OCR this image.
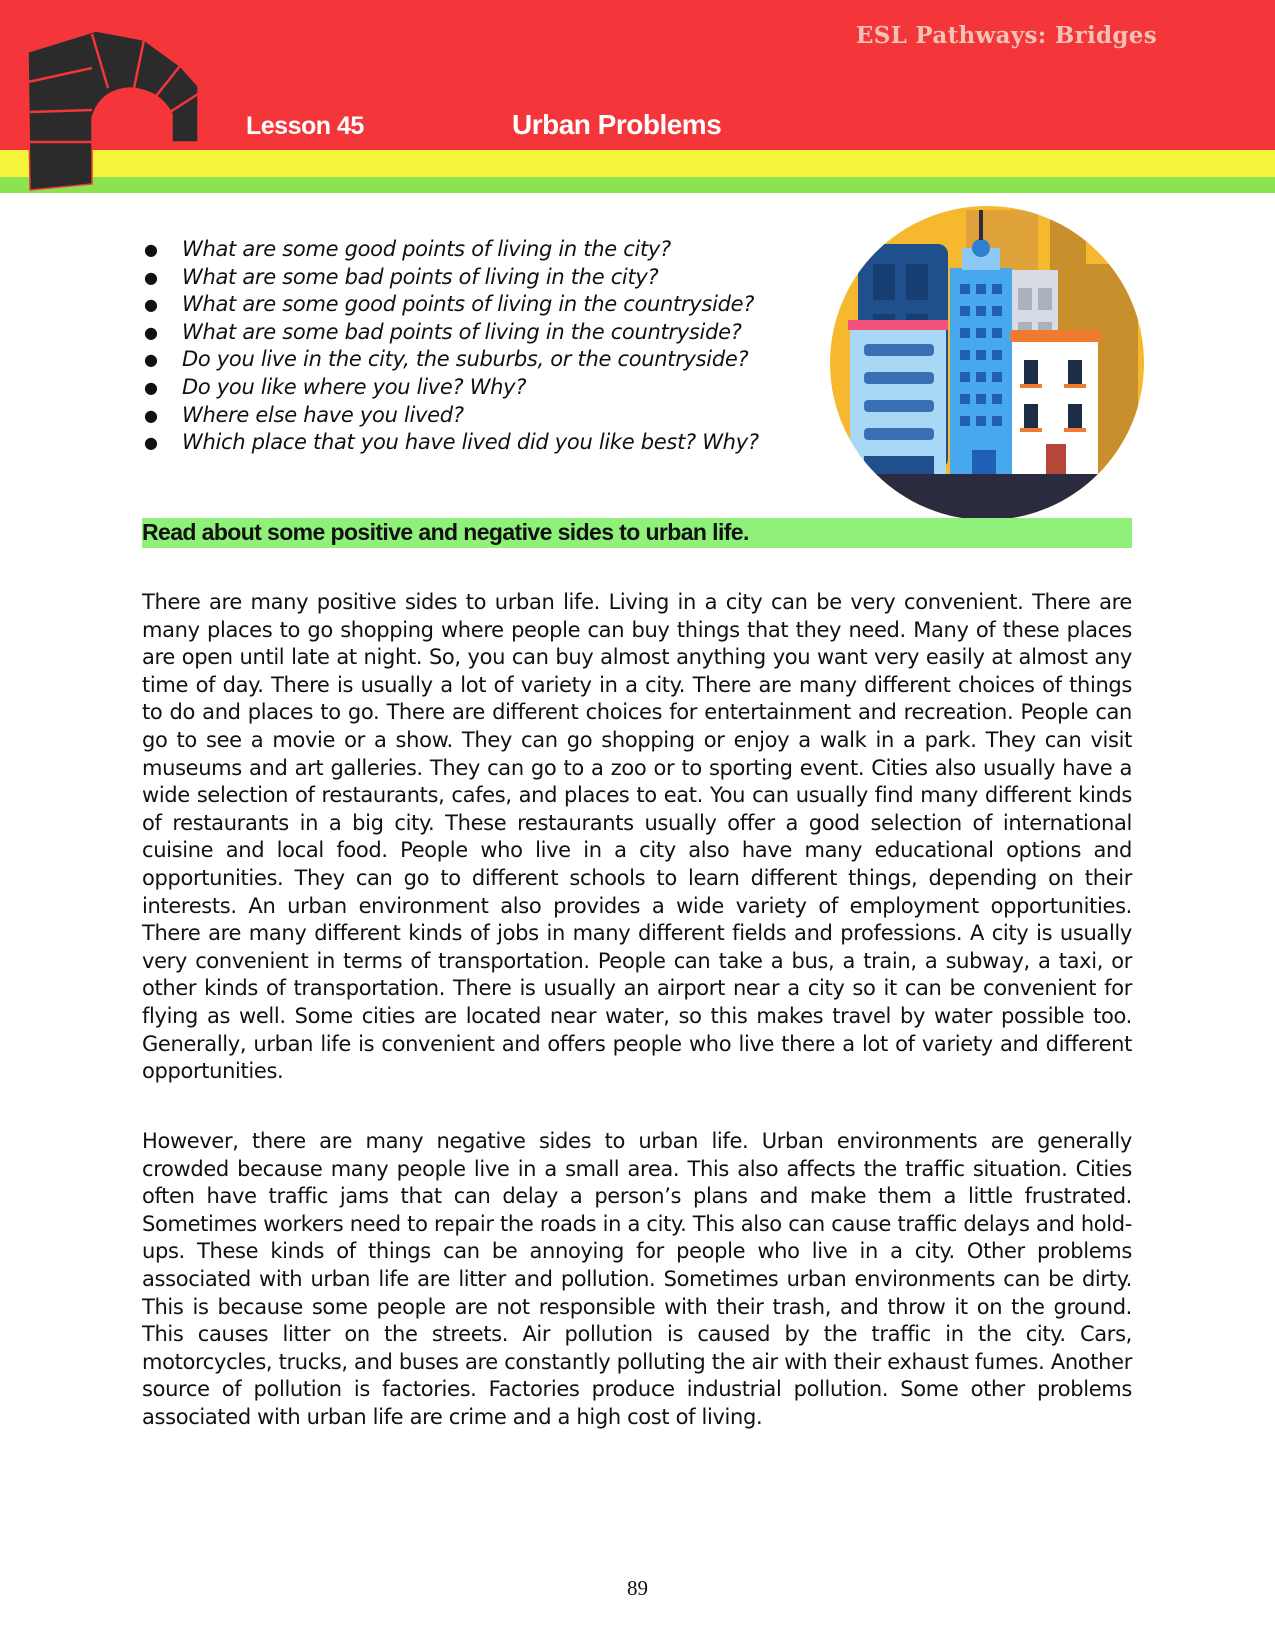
ESL Pathways: Bridges
Lesson 45	Urban Problems
● What are some good points of living in the city?
● What are some bad points of living in the city?
● What are some good points of living in the countryside?
● What are some bad points of living in the countryside?
● Do you live in the city, the suburbs, or the countryside?
● Do you like where you live? Why?
● Where else have you lived?
● Which place that you have lived did you like best? Why?
Read about some positive and negative sides to urban life.

There are many positive sides to urban life. Living in a city can be very convenient. There are many places to go shopping where people can buy things that they need. Many of these places are open until late at night. So, you can buy almost anything you want very easily at almost any time of day. There is usually a lot of variety in a city. There are many different choices of things to do and places to go. There are different choices for entertainment and recreation. People can go to see a movie or a show. They can go shopping or enjoy a walk in a park. They can visit museums and art galleries. They can go to a zoo or to sporting event. Cities also usually have a wide selection of restaurants, cafes, and places to eat. You can usually find many different kinds of restaurants in a big city. These restaurants usually offer a good selection of international cuisine and local food. People who live in a city also have many educational options and opportunities. They can go to different schools to learn different things, depending on their interests. An urban environment also provides a wide variety of employment opportunities. There are many different kinds of jobs in many different fields and professions. A city is usually very convenient in terms of transportation. People can take a bus, a train, a subway, a taxi, or other kinds of transportation. There is usually an airport near a city so it can be convenient for flying as well. Some cities are located near water, so this makes travel by water possible too. Generally, urban life is convenient and offers people who live there a lot of variety and different opportunities.

However, there are many negative sides to urban life. Urban environments are generally crowded because many people live in a small area. This also affects the traffic situation. Cities often have traffic jams that can delay a person’s plans and make them a little frustrated. Sometimes workers need to repair the roads in a city. This also can cause traffic delays and hold-ups. These kinds of things can be annoying for people who live in a city. Other problems associated with urban life are litter and pollution. Sometimes urban environments can be dirty. This is because some people are not responsible with their trash, and throw it on the ground. This causes litter on the streets. Air pollution is caused by the traffic in the city. Cars, motorcycles, trucks, and buses are constantly polluting the air with their exhaust fumes. Another source of pollution is factories. Factories produce industrial pollution. Some other problems associated with urban life are crime and a high cost of living.

89
